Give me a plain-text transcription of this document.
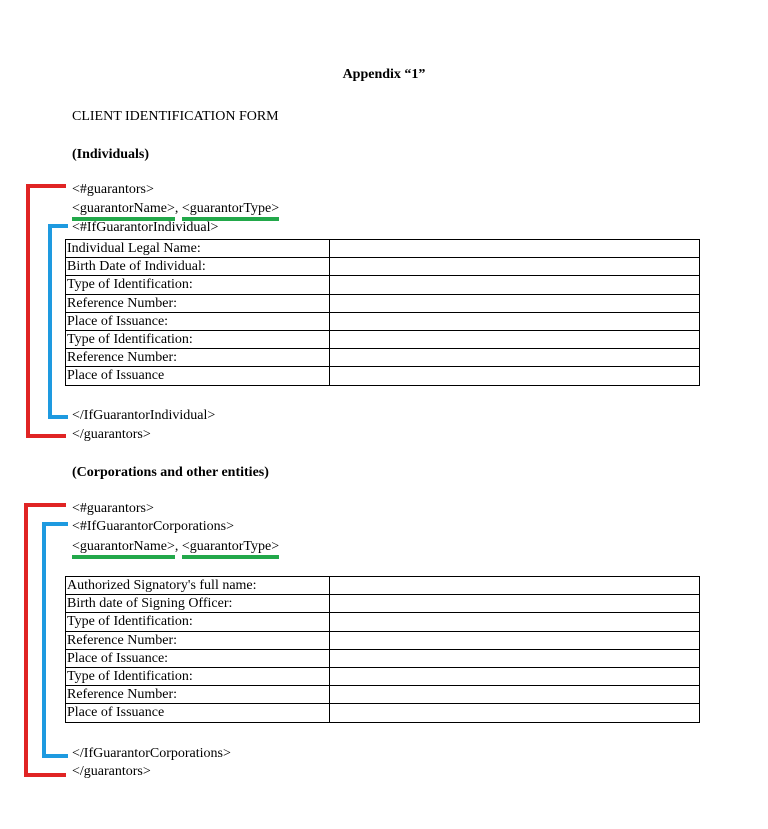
Appendix “1”
CLIENT IDENTIFICATION FORM
(Individuals)
<#guarantors>
<guarantorName>, <guarantorType>
<#IfGuarantorIndividual>
Individual Legal Name:	
Birth Date of Individual:	
Type of Identification:	
Reference Number:	
Place of Issuance:	
Type of Identification:	
Reference Number:	
Place of Issuance	
</IfGuarantorIndividual>
</guarantors>
(Corporations and other entities)
<#guarantors>
<#IfGuarantorCorporations>
<guarantorName>, <guarantorType>
Authorized Signatory's full name:	
Birth date of Signing Officer:	
Type of Identification:	
Reference Number:	
Place of Issuance:	
Type of Identification:	
Reference Number:	
Place of Issuance	
</IfGuarantorCorporations>
</guarantors>
